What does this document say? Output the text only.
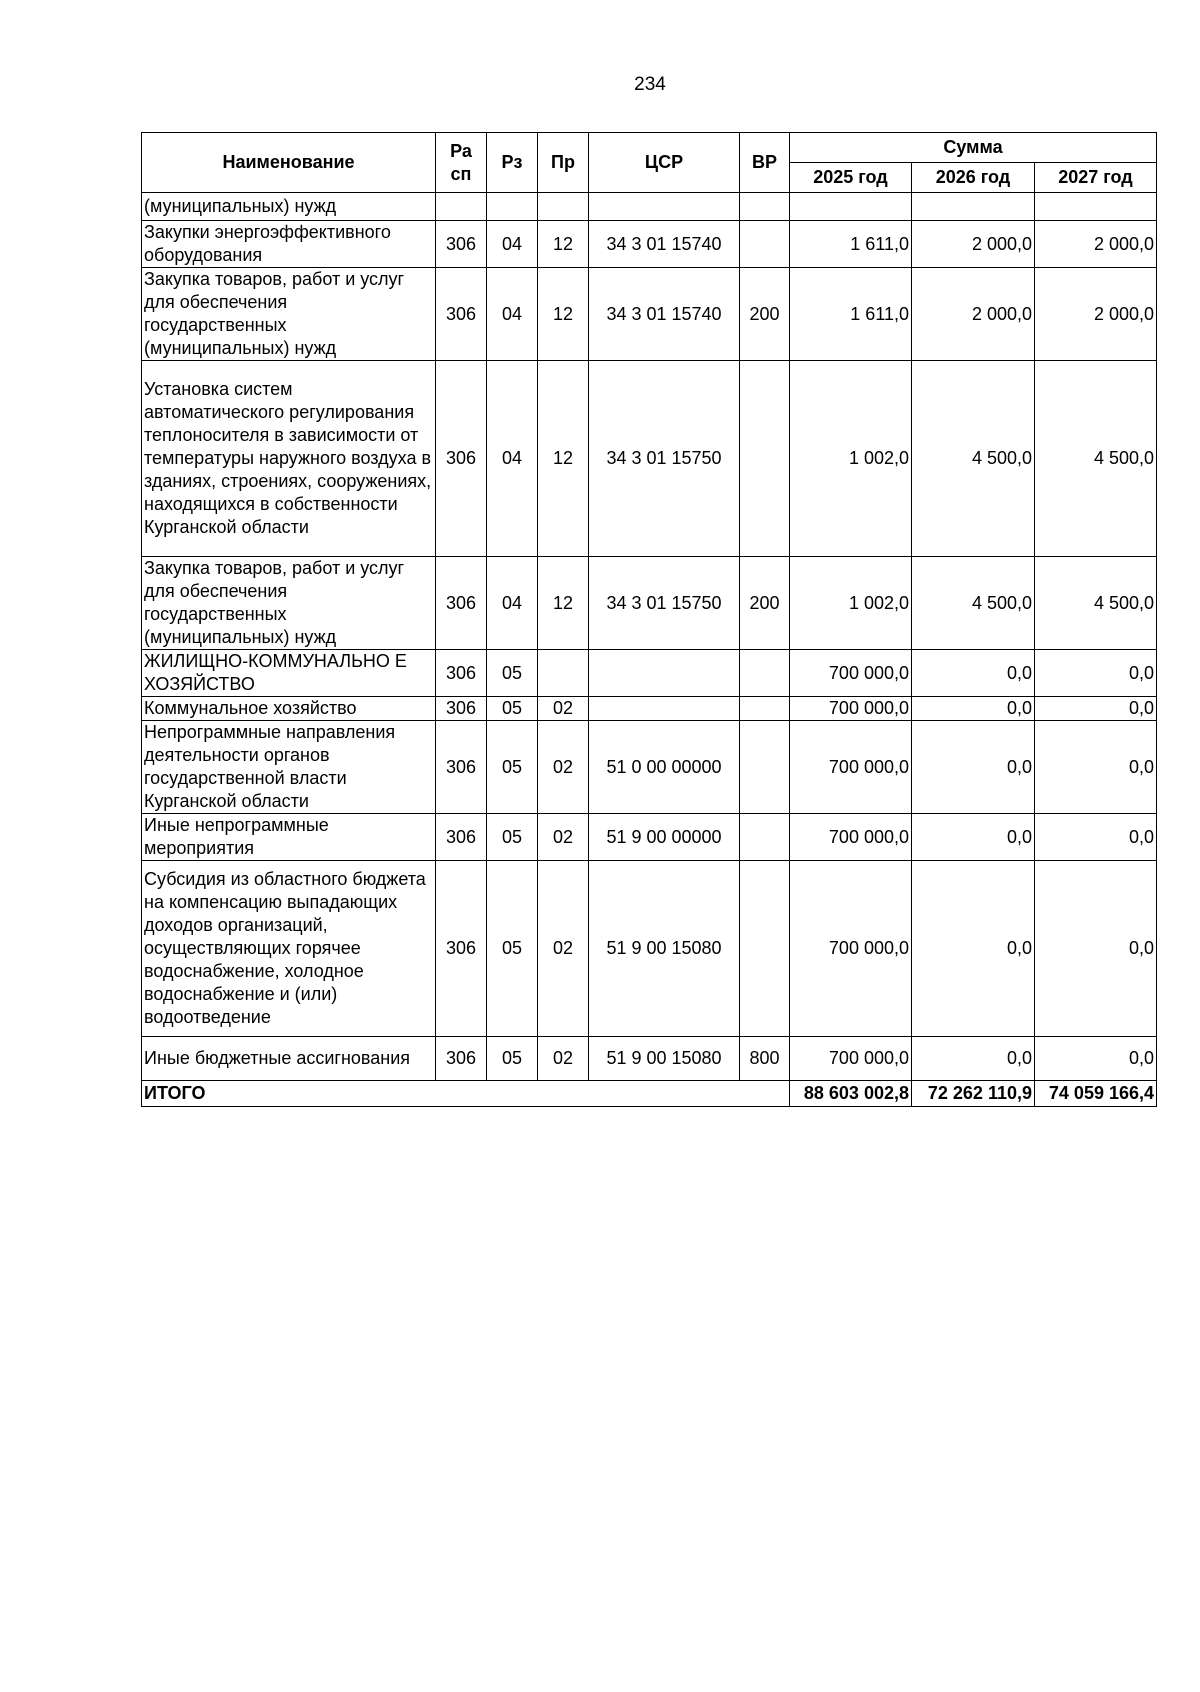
234
Наименование	Ра сп	Рз	Пр	ЦСР	ВР	Сумма		
						2025 год	2026 год	2027 год
(муниципальных) нужд								
Закупки энергоэффективного оборудования	306	04	12	34 3 01 15740		1 611,0	2 000,0	2 000,0
Закупка товаров, работ и услуг для обеспечения государственных (муниципальных) нужд	306	04	12	34 3 01 15740	200	1 611,0	2 000,0	2 000,0
Установка систем автоматического регулирования теплоносителя в зависимости от температуры наружного воздуха в зданиях, строениях, сооружениях, находящихся в собственности Курганской области	306	04	12	34 3 01 15750		1 002,0	4 500,0	4 500,0
Закупка товаров, работ и услуг для обеспечения государственных (муниципальных) нужд	306	04	12	34 3 01 15750	200	1 002,0	4 500,0	4 500,0
ЖИЛИЩНО-КОММУНАЛЬНО Е ХОЗЯЙСТВО	306	05				700 000,0	0,0	0,0
Коммунальное хозяйство	306	05	02			700 000,0	0,0	0,0
Непрограммные направления деятельности органов государственной власти Курганской области	306	05	02	51 0 00 00000		700 000,0	0,0	0,0
Иные непрограммные мероприятия	306	05	02	51 9 00 00000		700 000,0	0,0	0,0
Субсидия из областного бюджета на компенсацию выпадающих доходов организаций, осуществляющих горячее водоснабжение, холодное водоснабжение и (или) водоотведение	306	05	02	51 9 00 15080		700 000,0	0,0	0,0
Иные бюджетные ассигнования	306	05	02	51 9 00 15080	800	700 000,0	0,0	0,0
ИТОГО						88 603 002,8	72 262 110,9	74 059 166,4
